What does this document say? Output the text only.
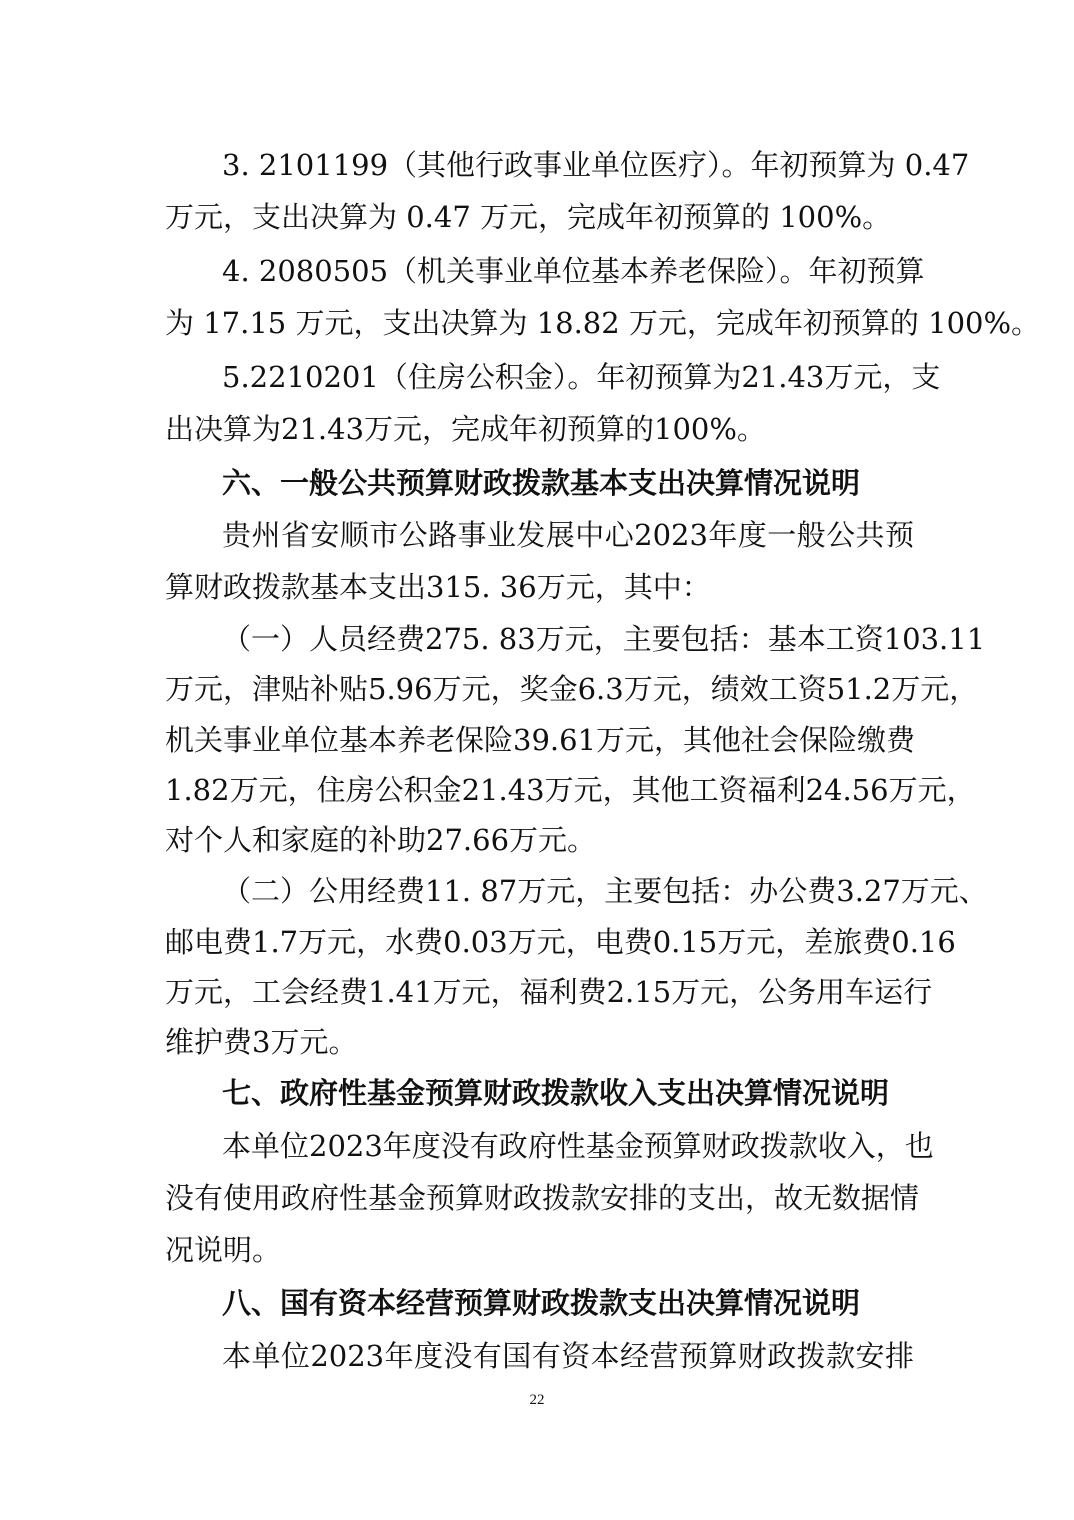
3. 2101199（其他行政事业单位医疗）。年初预算为 0.47
万元，支出决算为 0.47 万元，完成年初预算的 100%。
4. 2080505（机关事业单位基本养老保险）。年初预算
为 17.15 万元，支出决算为 18.82 万元，完成年初预算的 100%。
5.2210201（住房公积金）。年初预算为21.43万元，支
出决算为21.43万元，完成年初预算的100%。
六、一般公共预算财政拨款基本支出决算情况说明
贵州省安顺市公路事业发展中心2023年度一般公共预
算财政拨款基本支出315. 36万元，其中：
（一）人员经费275. 83万元，主要包括：基本工资103.11
万元，津贴补贴5.96万元，奖金6.3万元，绩效工资51.2万元，
机关事业单位基本养老保险39.61万元，其他社会保险缴费
1.82万元，住房公积金21.43万元，其他工资福利24.56万元，
对个人和家庭的补助27.66万元。
（二）公用经费11. 87万元，主要包括：办公费3.27万元、
邮电费1.7万元，水费0.03万元，电费0.15万元，差旅费0.16
万元，工会经费1.41万元，福利费2.15万元，公务用车运行
维护费3万元。
七、政府性基金预算财政拨款收入支出决算情况说明
本单位2023年度没有政府性基金预算财政拨款收入，也
没有使用政府性基金预算财政拨款安排的支出，故无数据情
况说明。
八、国有资本经营预算财政拨款支出决算情况说明
本单位2023年度没有国有资本经营预算财政拨款安排
22
